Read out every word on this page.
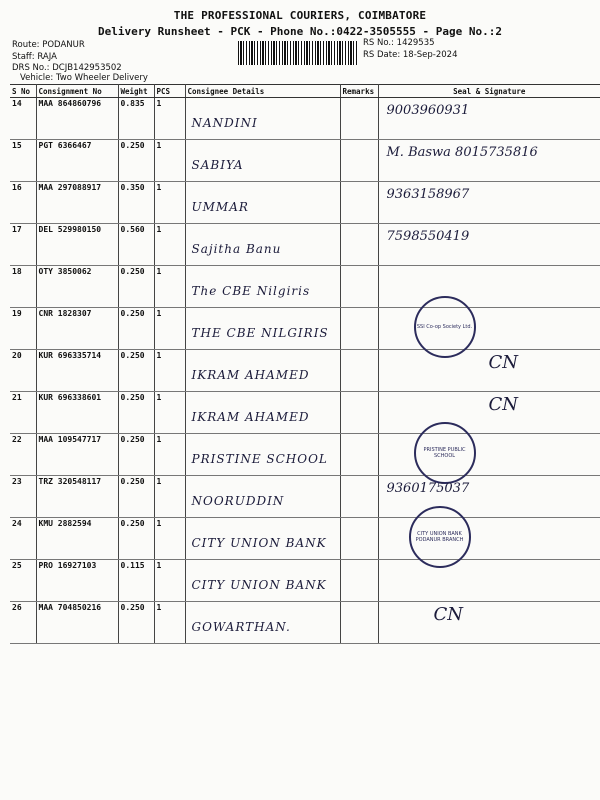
THE PROFESSIONAL COURIERS, COIMBATORE
Delivery Runsheet - PCK - Phone No.:0422-3505555 - Page No.:2
Route: PODANUR
Staff: RAJA
DRS No.: DCJB142953502
Vehicle: Two Wheeler Delivery
RS No.: 1429535
RS Date: 18-Sep-2024
S No	Consignment No	Weight	PCS	Consignee Details	Remarks	Seal & Signature
14	MAA 864860796	0.835	1	NANDINI		9003960931

15	PGT 6366467	0.250	1	SABIYA		M. Baswa 8015735816

16	MAA 297088917	0.350	1	UMMAR		9363158967

17	DEL 529980150	0.560	1	Sajitha Banu		7598550419

18	OTY 3850062	0.250	1	The CBE Nilgiris		

19	CNR 1828307	0.250	1	THE CBE NILGIRIS		SSI Co-op Society Ltd.

20	KUR 696335714	0.250	1	IKRAM AHAMED		CN

21	KUR 696338601	0.250	1	IKRAM AHAMED		CN

22	MAA 109547717	0.250	1	PRISTINE SCHOOL		PRISTINE PUBLIC SCHOOL

23	TRZ 320548117	0.250	1	NOORUDDIN		9360175037

24	KMU 2882594	0.250	1	CITY UNION BANK		CITY UNION BANK PODANUR BRANCH

25	PRO 16927103	0.115	1	CITY UNION BANK		

26	MAA 704850216	0.250	1	GOWARTHAN.		CN
